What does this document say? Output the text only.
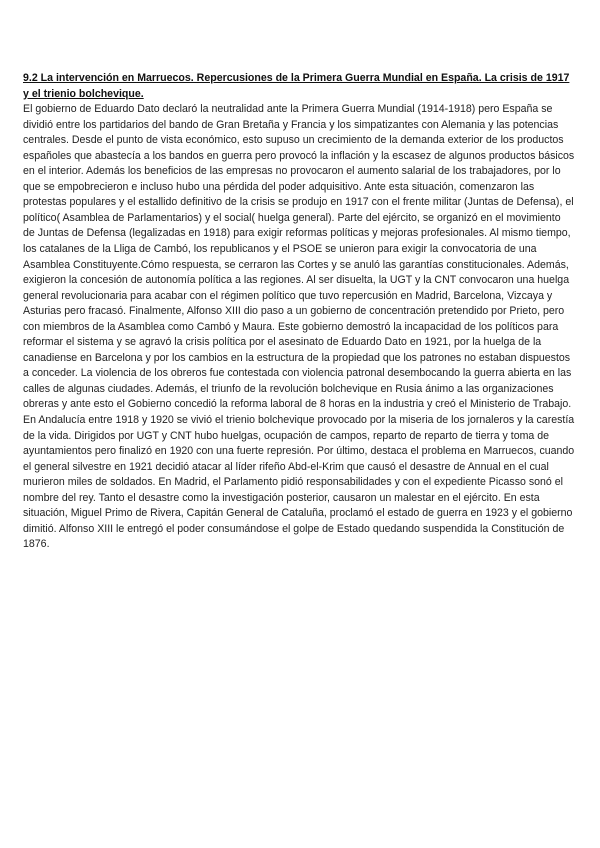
9.2 La intervención en Marruecos. Repercusiones de la Primera Guerra Mundial en España. La crisis de 1917 y el trienio bolchevique.

El gobierno de Eduardo Dato declaró la neutralidad ante la Primera Guerra Mundial (1914-1918) pero España se dividió entre los partidarios del bando de Gran Bretaña y Francia y los simpatizantes con Alemania y las potencias centrales. Desde el punto de vista económico, esto supuso un crecimiento de la demanda exterior de los productos españoles que abastecía a los bandos en guerra pero provocó la inflación y la escasez de algunos productos básicos en el interior. Además los beneficios de las empresas no provocaron el aumento salarial de los trabajadores, por lo que se empobrecieron e incluso hubo una pérdida del poder adquisitivo. Ante esta situación, comenzaron las protestas populares y el estallido definitivo de la crisis se produjo en 1917 con el frente militar (Juntas de Defensa), el político( Asamblea de Parlamentarios) y el social( huelga general). Parte del ejército, se organizó en el movimiento de Juntas de Defensa (legalizadas en 1918) para exigir reformas políticas y mejoras profesionales. Al mismo tiempo, los catalanes de la Lliga de Cambó, los republicanos y el PSOE se unieron para exigir la convocatoria de una Asamblea Constituyente.Cómo respuesta, se cerraron las Cortes y se anuló las garantías constitucionales. Además, exigieron la concesión de autonomía política a las regiones. Al ser disuelta, la UGT y la CNT convocaron una huelga general revolucionaria para acabar con el régimen político que tuvo repercusión en Madrid, Barcelona, Vizcaya y Asturias pero fracasó. Finalmente, Alfonso XIII dio paso a un gobierno de concentración pretendido por Prieto, pero con miembros de la Asamblea como Cambó y Maura. Este gobierno demostró la incapacidad de los políticos para reformar el sistema y se agravó la crisis política por el asesinato de Eduardo Dato en 1921, por la huelga de la canadiense en Barcelona y por los cambios en la estructura de la propiedad que los patrones no estaban dispuestos a conceder. La violencia de los obreros fue contestada con violencia patronal desembocando la guerra abierta en las calles de algunas ciudades. Además, el triunfo de la revolución bolchevique en Rusia ánimo a las organizaciones obreras y ante esto el Gobierno concedió la reforma laboral de 8 horas en la industria y creó el Ministerio de Trabajo. En Andalucía entre 1918 y 1920 se vivió el trienio bolchevique provocado por la miseria de los jornaleros y la carestía de la vida. Dirigidos por UGT y CNT hubo huelgas, ocupación de campos, reparto de reparto de tierra y toma de ayuntamientos pero finalizó en 1920 con una fuerte represión. Por último, destaca el problema en Marruecos, cuando el general silvestre en 1921 decidió atacar al líder rifeño Abd-el-Krim que causó el desastre de Annual en el cual murieron miles de soldados. En Madrid, el Parlamento pidió responsabilidades y con el expediente Picasso sonó el nombre del rey. Tanto el desastre como la investigación posterior, causaron un malestar en el ejército. En esta situación, Miguel Primo de Rivera, Capitán General de Cataluña, proclamó el estado de guerra en 1923 y el gobierno dimitió. Alfonso XIII le entregó el poder consumándose el golpe de Estado quedando suspendida la Constitución de 1876.
